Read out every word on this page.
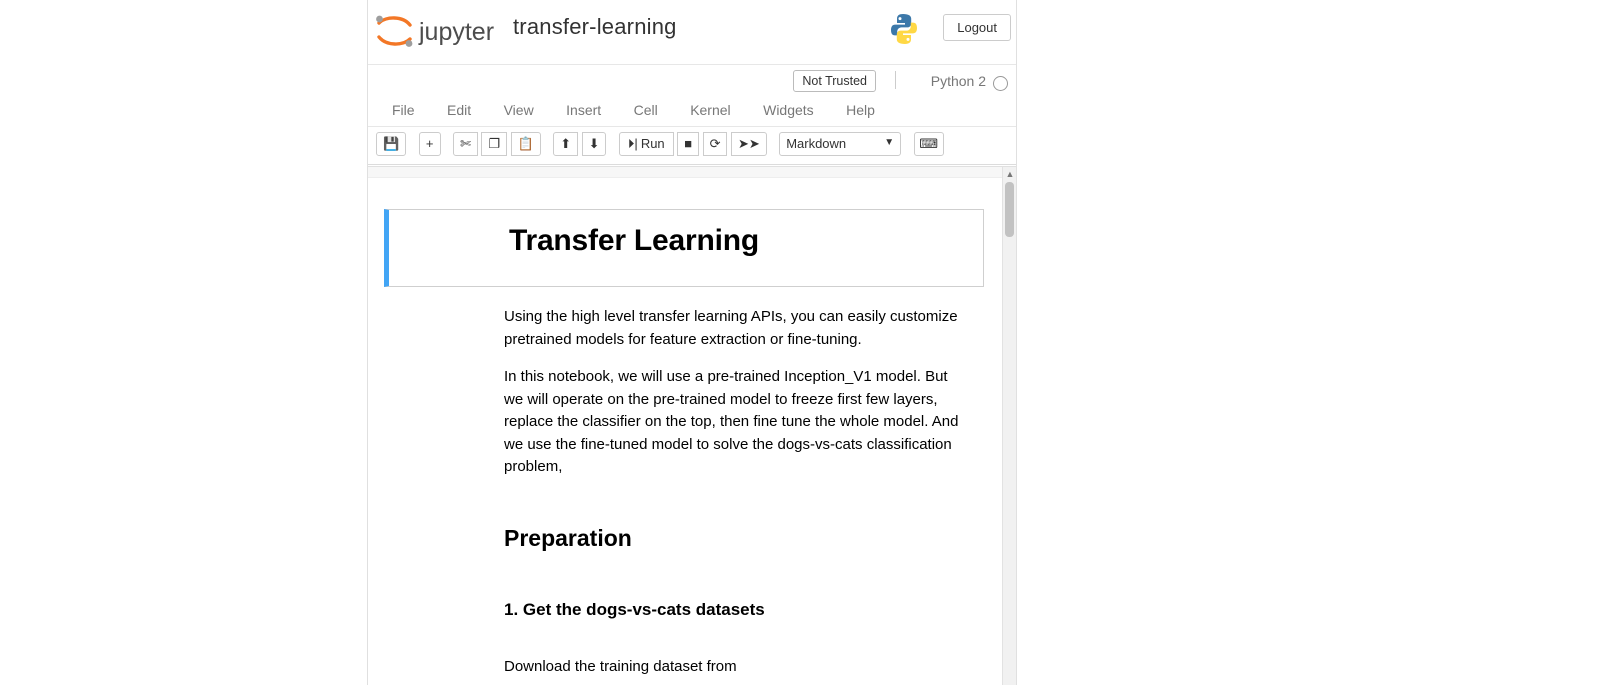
jupyter transfer-learning	Logout
Not Trusted	Python 2
File Edit View Insert Cell Kernel Widgets Help
💾 + ✄ ❐ 📋 ⬆ ⬇ ⏵| Run ■ ⟳ ➤➤ Markdown	▼ ⌨
▲
Transfer Learning

Using the high level transfer learning APIs, you can easily customize pretrained models for feature extraction or fine-tuning.

In this notebook, we will use a pre-trained Inception_V1 model. But we will operate on the pre-trained model to freeze first few layers, replace the classifier on the top, then fine tune the whole model. And we use the fine-tuned model to solve the dogs-vs-cats classification problem,

Preparation
1. Get the dogs-vs-cats datasets

Download the training dataset from
